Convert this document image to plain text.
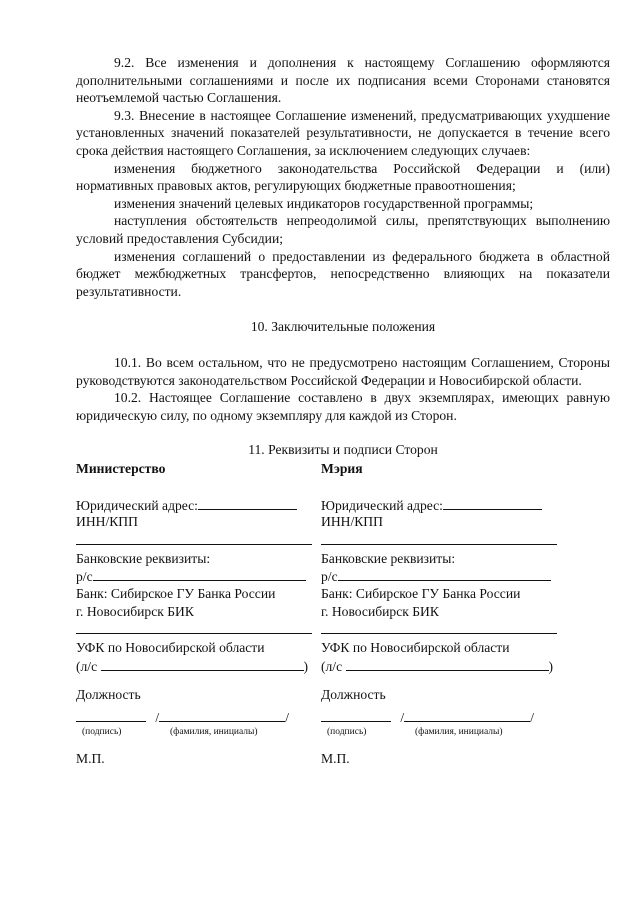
9.2. Все изменения и дополнения к настоящему Соглашению оформляются дополнительными соглашениями и после их подписания всеми Сторонами становятся неотъемлемой частью Соглашения.

9.3. Внесение в настоящее Соглашение изменений, предусматривающих ухудшение установленных значений показателей результативности, не допускается в течение всего срока действия настоящего Соглашения, за исключением следующих случаев:

изменения бюджетного законодательства Российской Федерации и (или) нормативных правовых актов, регулирующих бюджетные правоотношения;

изменения значений целевых индикаторов государственной программы;

наступления обстоятельств непреодолимой силы, препятствующих выполнению условий предоставления Субсидии;

изменения соглашений о предоставлении из федерального бюджета в областной бюджет межбюджетных трансфертов, непосредственно влияющих на показатели результативности.

10. Заключительные положения

10.1. Во всем остальном, что не предусмотрено настоящим Соглашением, Стороны руководствуются законодательством Российской Федерации и Новосибирской области.

10.2. Настоящее Соглашение составлено в двух экземплярах, имеющих равную юридическую силу, по одному экземпляру для каждой из Сторон.

11. Реквизиты и подписи Сторон
Министерство
Юридический адрес:
ИНН/КПП
Банковские реквизиты:
р/с
Банк: Сибирское ГУ Банка России
г. Новосибирск БИК
УФК по Новосибирской области
(л/с	)
Должность
/	/
(подпись)	(фамилия, инициалы)
М.П.
Мэрия
Юридический адрес:
ИНН/КПП
Банковские реквизиты:
р/с
Банк: Сибирское ГУ Банка России
г. Новосибирск БИК
УФК по Новосибирской области
(л/с	)
Должность
/	/
(подпись)	(фамилия, инициалы)
М.П.
